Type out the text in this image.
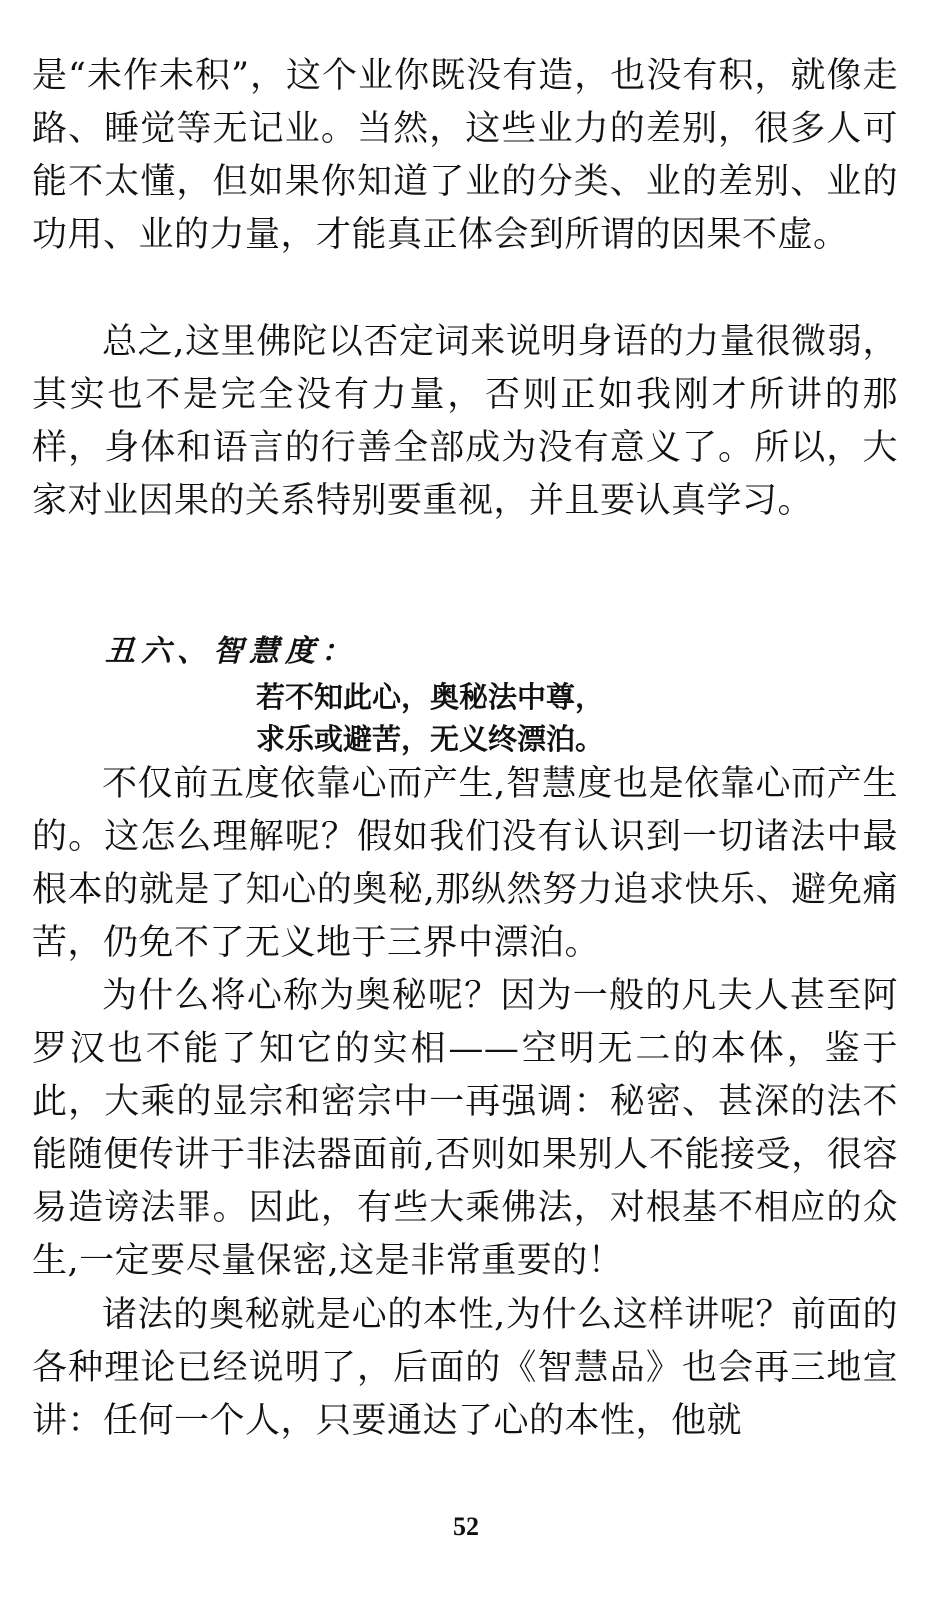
是“未作未积”，这个业你既没有造，也没有积，就像走路、睡觉等无记业。当然，这些业力的差别，很多人可能不太懂，但如果你知道了业的分类、业的差别、业的功用、业的力量，才能真正体会到所谓的因果不虚。

总之,这里佛陀以否定词来说明身语的力量很微弱，其实也不是完全没有力量，否则正如我刚才所讲的那样，身体和语言的行善全部成为没有意义了。所以，大家对业因果的关系特别要重视，并且要认真学习。

丑六、智慧度：

若不知此心，奥秘法中尊，

求乐或避苦，无义终漂泊。

不仅前五度依靠心而产生,智慧度也是依靠心而产生的。这怎么理解呢？假如我们没有认识到一切诸法中最根本的就是了知心的奥秘,那纵然努力追求快乐、避免痛苦，仍免不了无义地于三界中漂泊。

为什么将心称为奥秘呢？因为一般的凡夫人甚至阿罗汉也不能了知它的实相——空明无二的本体，鉴于此，大乘的显宗和密宗中一再强调：秘密、甚深的法不能随便传讲于非法器面前,否则如果别人不能接受，很容易造谤法罪。因此，有些大乘佛法，对根基不相应的众生,一定要尽量保密,这是非常重要的！

诸法的奥秘就是心的本性,为什么这样讲呢？前面的各种理论已经说明了，后面的《智慧品》也会再三地宣讲：任何一个人，只要通达了心的本性，他就

52
